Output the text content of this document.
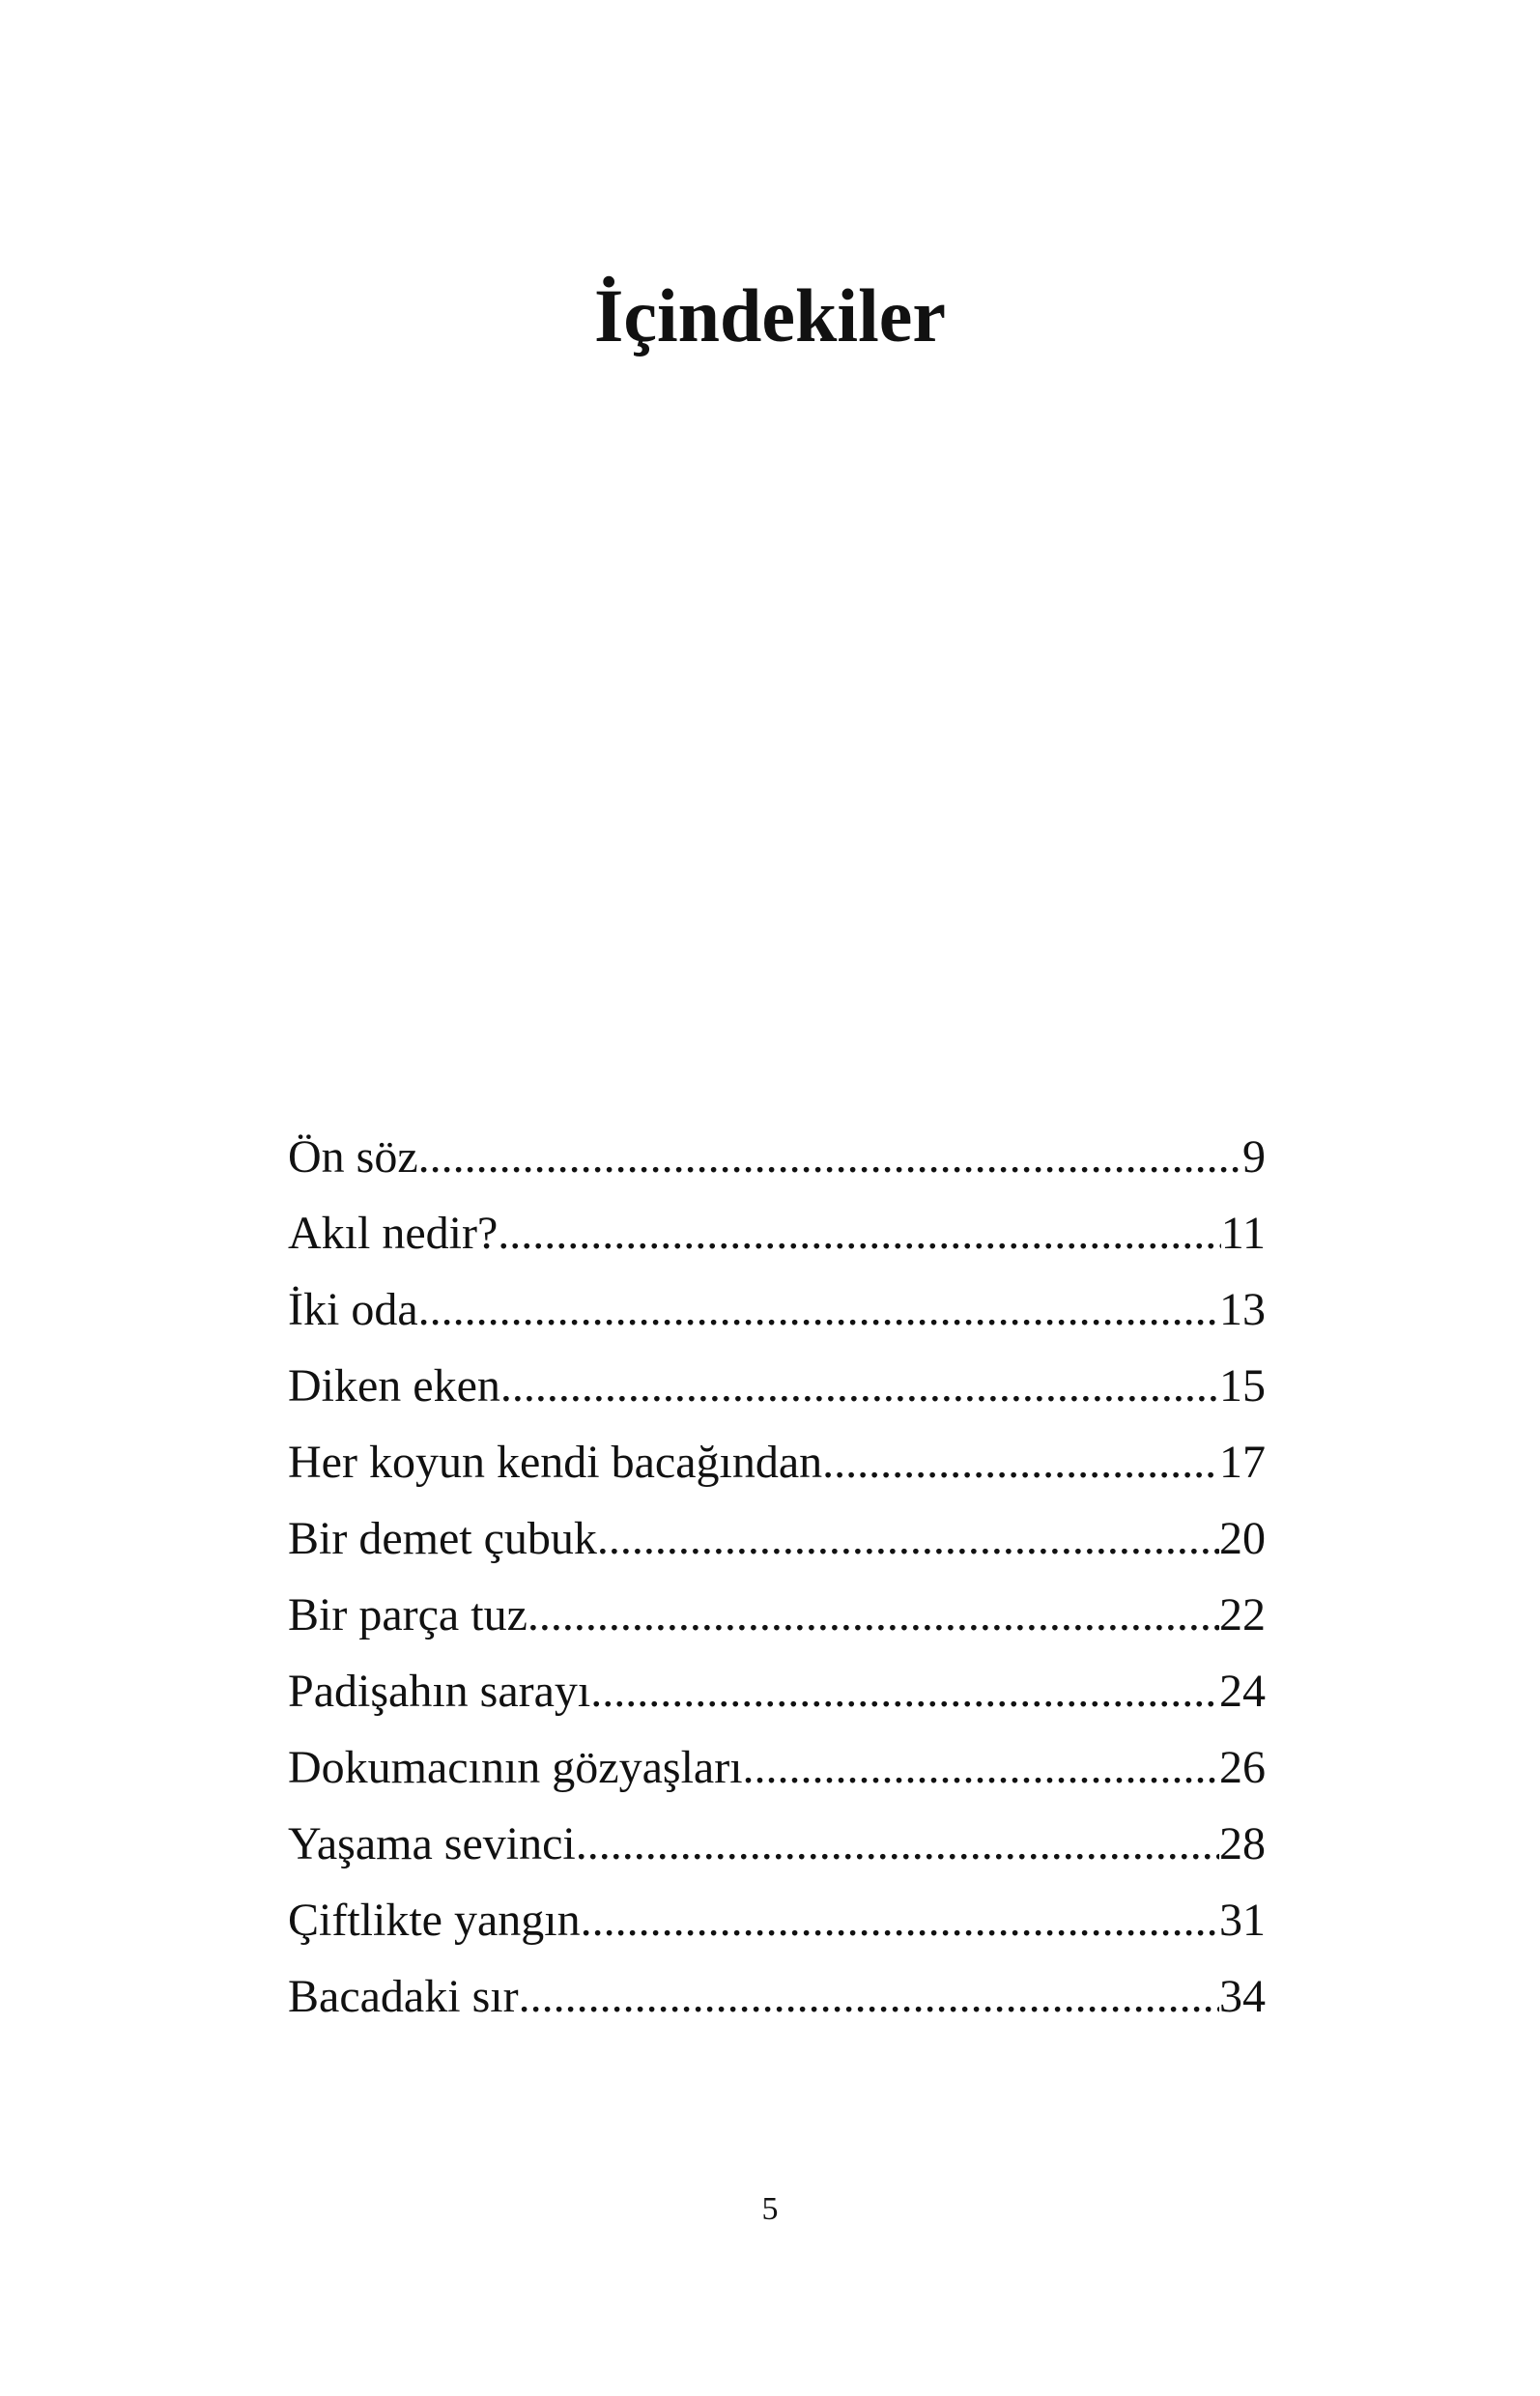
İçindekiler
Ön söz .....	9
Akıl nedir? .....	11
İki oda .....	13
Diken eken .....	15
Her koyun kendi bacağından .....	17
Bir demet çubuk .....	20
Bir parça tuz .....	22
Padişahın sarayı .....	24
Dokumacının gözyaşları .....	26
Yaşama sevinci .....	28
Çiftlikte yangın .....	31
Bacadaki sır .....	34
5
